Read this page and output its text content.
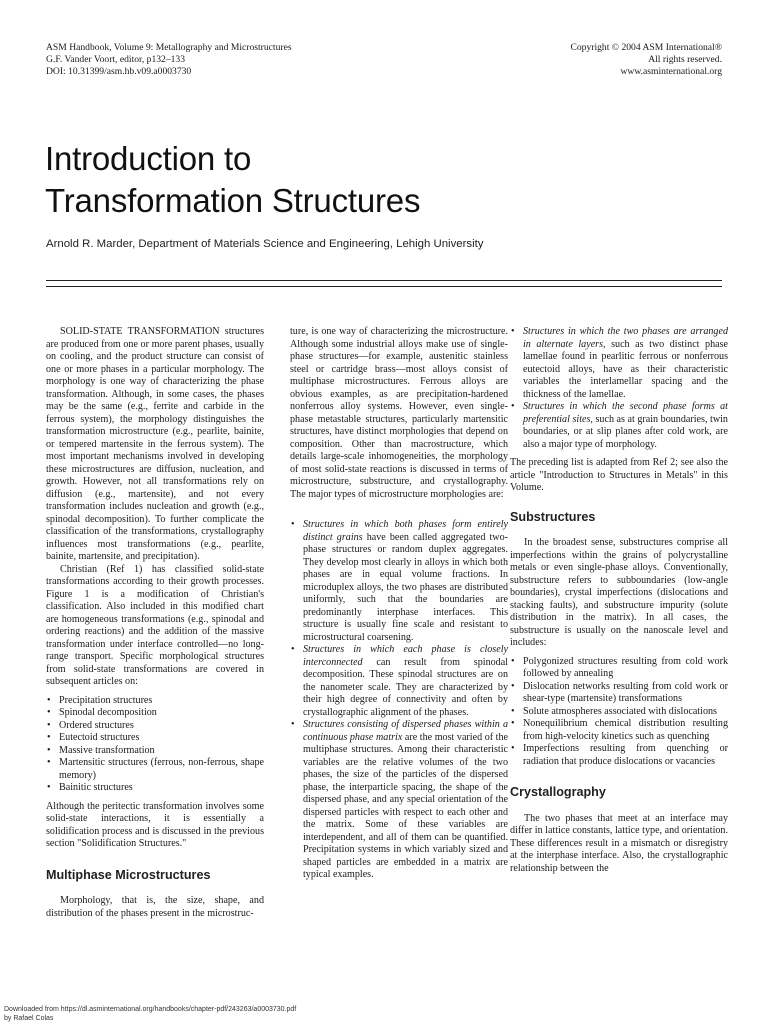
ASM Handbook, Volume 9: Metallography and Microstructures
G.F. Vander Voort, editor, p132–133
DOI: 10.31399/asm.hb.v09.a0003730
Copyright © 2004 ASM International®
All rights reserved.
www.asminternational.org
Introduction to
Transformation Structures
Arnold R. Marder, Department of Materials Science and Engineering, Lehigh University

SOLID-STATE TRANSFORMATION structures are produced from one or more parent phases, usually on cooling, and the product structure can consist of one or more phases in a particular morphology. The morphology is one way of characterizing the phase transformation. Although, in some cases, the phases may be the same (e.g., ferrite and carbide in the ferrous system), the morphology distinguishes the transformation microstructure (e.g., pearlite, bainite, or tempered martensite in the ferrous system). The most important mechanisms involved in developing these microstructures are diffusion, nucleation, and growth. However, not all transformations rely on diffusion (e.g., martensite), and not every transformation includes nucleation and growth (e.g., spinodal decomposition). To further complicate the classification of the transformations, crystallography influences most transformations (e.g., pearlite, bainite, martensite, and precipitation).

Christian (Ref 1) has classified solid-state transformations according to their growth processes. Figure 1 is a modification of Christian's classification. Also included in this modified chart are homogeneous transformations (e.g., spinodal and ordering reactions) and the addition of the massive transformation under interface controlled—no long-range transport. Specific morphological structures from solid-state transformations are covered in subsequent articles on:

• Precipitation structures
• Spinodal decomposition
• Ordered structures
• Eutectoid structures
• Massive transformation
• Martensitic structures (ferrous, non-ferrous, shape memory)
• Bainitic structures

Although the peritectic transformation involves some solid-state interactions, it is essentially a solidification process and is discussed in the previous section "Solidification Structures."

Multiphase Microstructures

Morphology, that is, the size, shape, and distribution of the phases present in the microstruc-

ture, is one way of characterizing the microstructure. Although some industrial alloys make use of single-phase structures—for example, austenitic stainless steel or cartridge brass—most alloys consist of multiphase microstructures. Ferrous alloys are obvious examples, as are precipitation-hardened nonferrous alloy systems. However, even single-phase metastable structures, particularly martensitic structures, have distinct morphologies that depend on composition. Other than macrostructure, which details large-scale inhomogeneities, the morphology of most solid-state reactions is discussed in terms of microstructure, substructure, and crystallography. The major types of microstructure morphologies are:

• Structures in which both phases form entirely distinct grains have been called aggregated two-phase structures or random duplex aggregates. They develop most clearly in alloys in which both phases are in equal volume fractions. In microduplex alloys, the two phases are distributed uniformly, such that the boundaries are predominantly interphase interfaces. This structure is usually fine scale and resistant to microstructural coarsening.
• Structures in which each phase is closely interconnected can result from spinodal decomposition. These spinodal structures are on the nanometer scale. They are characterized by their high degree of connectivity and often by crystallographic alignment of the phases.
• Structures consisting of dispersed phases within a continuous phase matrix are the most varied of the multiphase structures. Among their characteristic variables are the relative volumes of the two phases, the size of the particles of the dispersed phase, the interparticle spacing, the shape of the dispersed phase, and any special orientation of the dispersed particles with respect to each other and the matrix. Some of these variables are interdependent, and all of them can be quantified. Precipitation systems in which variably sized and shaped particles are embedded in a matrix are typical examples.
• Structures in which the two phases are arranged in alternate layers, such as two distinct phase lamellae found in pearlitic ferrous or nonferrous eutectoid alloys, have as their characteristic variables the interlamellar spacing and the thickness of the lamellae.
• Structures in which the second phase forms at preferential sites, such as at grain boundaries, twin boundaries, or at slip planes after cold work, are also a major type of morphology.

The preceding list is adapted from Ref 2; see also the article "Introduction to Structures in Metals" in this Volume.

Substructures

In the broadest sense, substructures comprise all imperfections within the grains of polycrystalline metals or even single-phase alloys. Conventionally, substructure refers to subboundaries (low-angle boundaries), crystal imperfections (dislocations and stacking faults), and substructure impurity (solute distribution in the matrix). In all cases, the substructure is usually on the nanoscale level and includes:

• Polygonized structures resulting from cold work followed by annealing
• Dislocation networks resulting from cold work or shear-type (martensite) transformations
• Solute atmospheres associated with dislocations
• Nonequilibrium chemical distribution resulting from high-velocity kinetics such as quenching
• Imperfections resulting from quenching or radiation that produce dislocations or vacancies

Crystallography

The two phases that meet at an interface may differ in lattice constants, lattice type, and orientation. These differences result in a mismatch or disregistry at the interphase interface. Also, the crystallographic relationship between the

Downloaded from https://dl.asminternational.org/handbooks/chapter-pdf/243263/a0003730.pdf
by Rafael Colas
